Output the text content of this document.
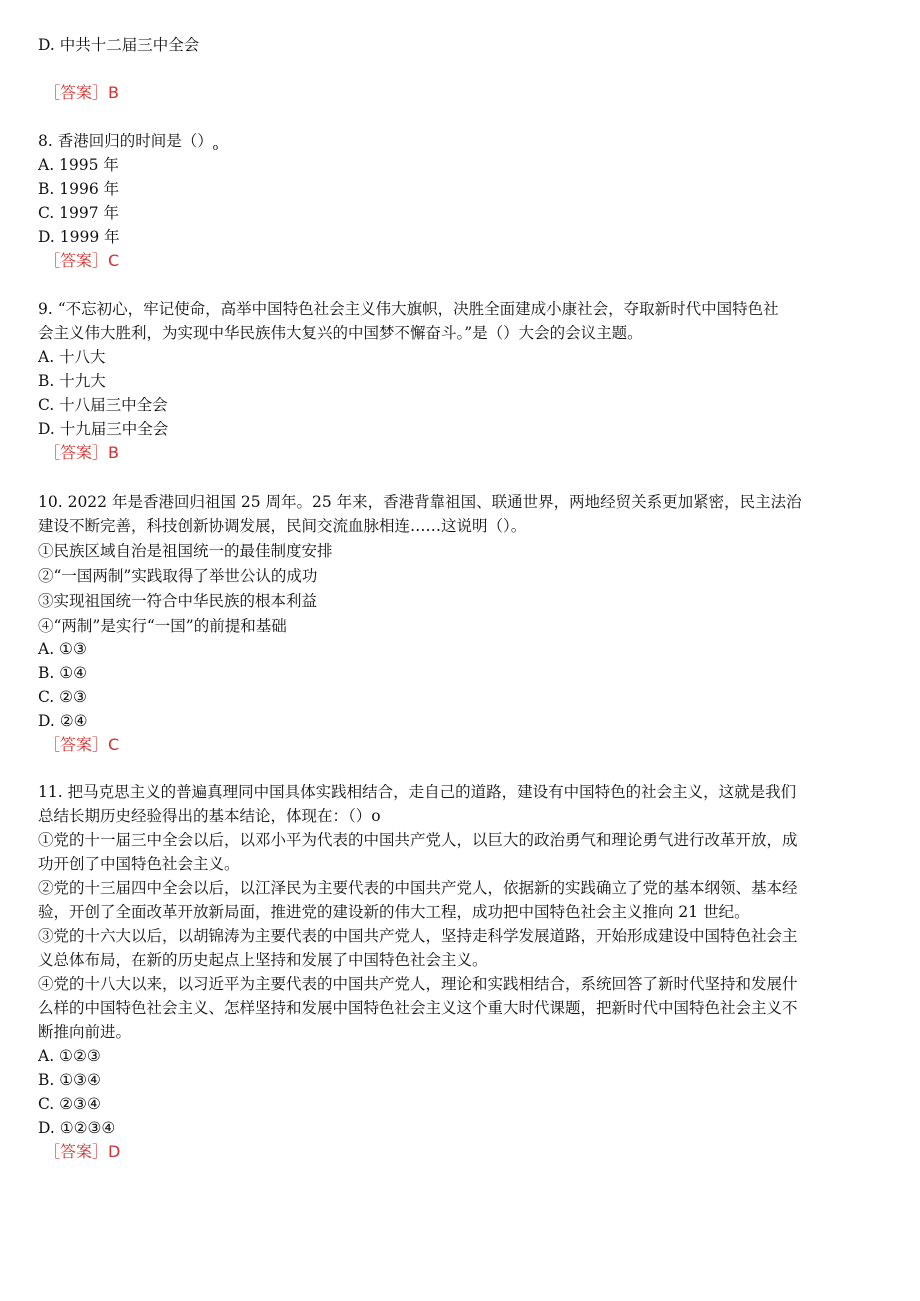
D. 中共十二届三中全会
［答案］B
8. 香港回归的时间是$()_o$
A. 1995 年
B. 1996 年
C. 1997 年
D. 1999 年
［答案］C
9. “不忘初心，牢记使命，高举中国特色社会主义伟大旗帜，决胜全面建成小康社会，夺取新时代中国特色社
会主义伟大胜利，为实现中华民族伟大复兴的中国梦不懈奋斗。”是（）大会的会议主题。
A. 十八大
B. 十九大
C. 十八届三中全会
D. 十九届三中全会
［答案］B
10. 2022 年是香港回归祖国 25 周年。25 年来，香港背靠祖国、联通世界，两地经贸关系更加紧密，民主法治
建设不断完善，科技创新协调发展，民间交流血脉相连……这说明（）。
①民族区域自治是祖国统一的最佳制度安排
②“一国两制”实践取得了举世公认的成功
③实现祖国统一符合中华民族的根本利益
④“两制”是实行“一国”的前提和基础
A. ①③
B. ①④
C. ②③
D. ②④
［答案］C
11. 把马克思主义的普遍真理同中国具体实践相结合，走自己的道路，建设有中国特色的社会主义，这就是我们
总结长期历史经验得出的基本结论，体现在：（）o
①党的十一届三中全会以后，以邓小平为代表的中国共产党人，以巨大的政治勇气和理论勇气进行改革开放，成
功开创了中国特色社会主义。
②党的十三届四中全会以后，以江泽民为主要代表的中国共产党人，依据新的实践确立了党的基本纲领、基本经
验，开创了全面改革开放新局面，推进党的建设新的伟大工程，成功把中国特色社会主义推向 21 世纪。
③党的十六大以后，以胡锦涛为主要代表的中国共产党人，坚持走科学发展道路，开始形成建设中国特色社会主
义总体布局，在新的历史起点上坚持和发展了中国特色社会主义。
④党的十八大以来，以习近平为主要代表的中国共产党人，理论和实践相结合，系统回答了新时代坚持和发展什
么样的中国特色社会主义、怎样坚持和发展中国特色社会主义这个重大时代课题，把新时代中国特色社会主义不
断推向前进。
A. ①②③
B. ①③④
C. ②③④
D. ①②③④
［答案］D
